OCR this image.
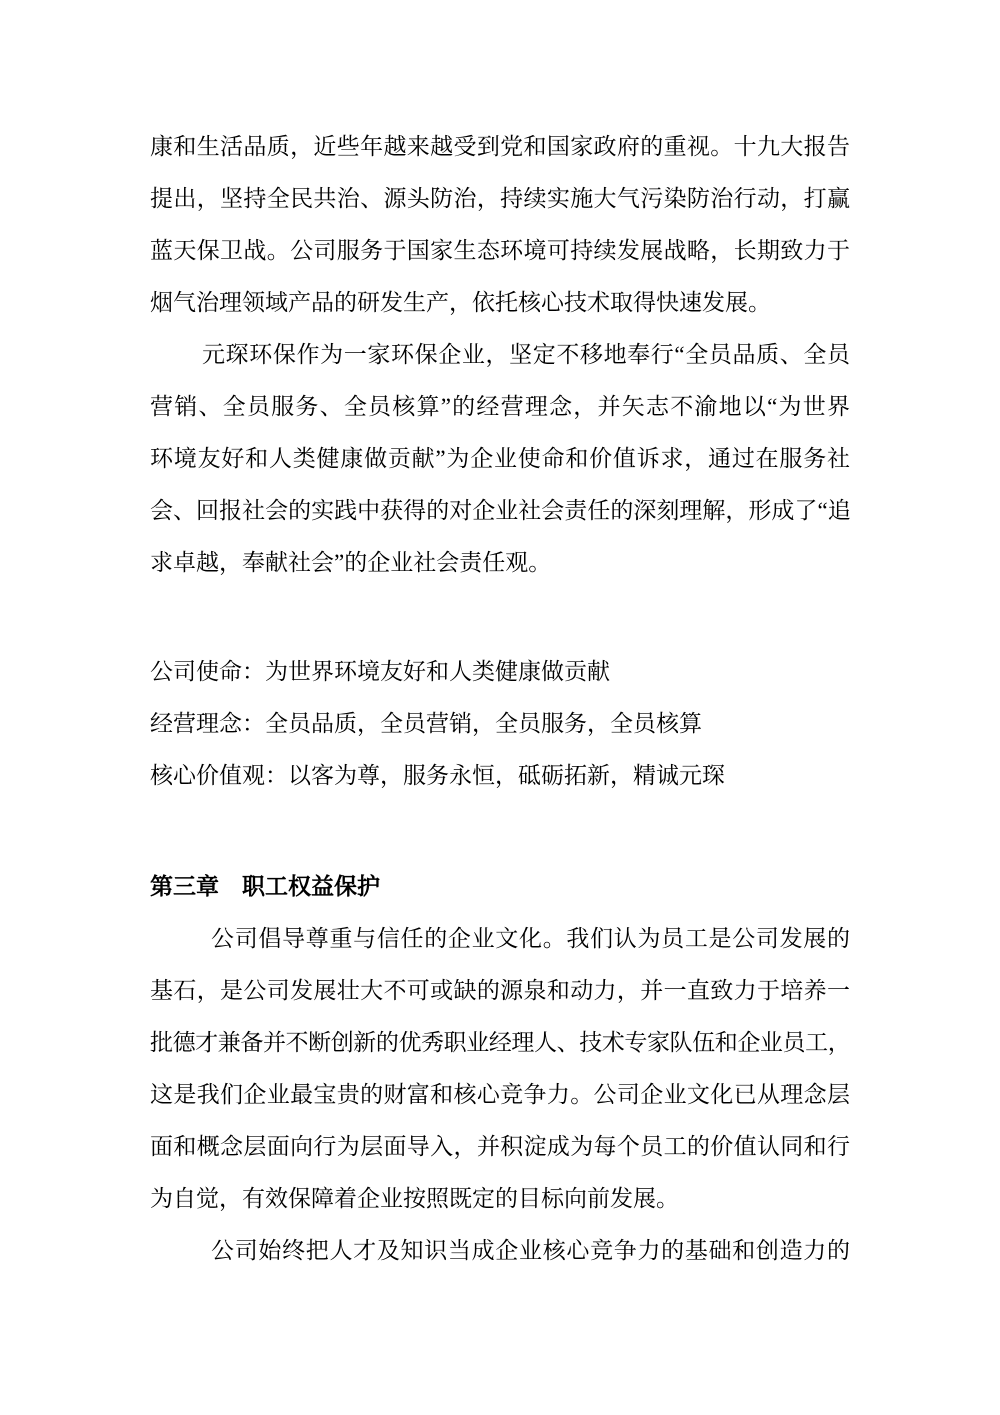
康和生活品质，近些年越来越受到党和国家政府的重视。十九大报告
提出，坚持全民共治、源头防治，持续实施大气污染防治行动，打赢
蓝天保卫战。公司服务于国家生态环境可持续发展战略，长期致力于
烟气治理领域产品的研发生产，依托核心技术取得快速发展。
元琛环保作为一家环保企业，坚定不移地奉行“全员品质、全员
营销、全员服务、全员核算”的经营理念，并矢志不渝地以“为世界
环境友好和人类健康做贡献”为企业使命和价值诉求，通过在服务社
会、回报社会的实践中获得的对企业社会责任的深刻理解，形成了“追
求卓越，奉献社会”的企业社会责任观。
公司使命：为世界环境友好和人类健康做贡献
经营理念：全员品质，全员营销，全员服务，全员核算
核心价值观：以客为尊，服务永恒，砥砺拓新，精诚元琛
第三章　职工权益保护
公司倡导尊重与信任的企业文化。我们认为员工是公司发展的
基石，是公司发展壮大不可或缺的源泉和动力，并一直致力于培养一
批德才兼备并不断创新的优秀职业经理人、技术专家队伍和企业员工，
这是我们企业最宝贵的财富和核心竞争力。公司企业文化已从理念层
面和概念层面向行为层面导入，并积淀成为每个员工的价值认同和行
为自觉，有效保障着企业按照既定的目标向前发展。
公司始终把人才及知识当成企业核心竞争力的基础和创造力的
